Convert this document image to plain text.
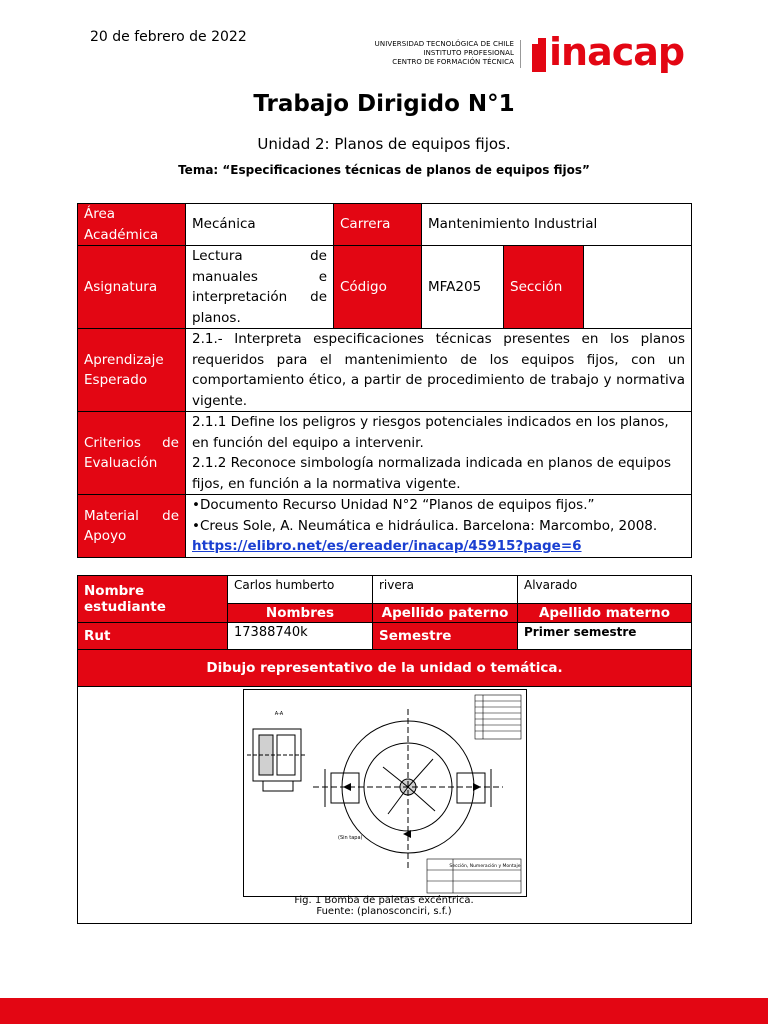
20 de febrero de 2022	UNIVERSIDAD TECNOLÓGICA DE CHILE
INSTITUTO PROFESIONAL
CENTRO DE FORMACIÓN TÉCNICA inacap
Trabajo Dirigido N°1
Unidad 2: Planos de equipos fijos.
Tema: “Especificaciones técnicas de planos de equipos fijos”
Área Académica	Mecánica	Carrera	Mantenimiento Industrial		
Asignatura	Lectura de manuales e interpretación de planos.	Código	MFA205	Sección	
Aprendizaje Esperado	2.1.- Interpreta especificaciones técnicas presentes en los planos requeridos para el mantenimiento de los equipos fijos, con un comportamiento ético, a partir de procedimiento de trabajo y normativa vigente.				
Criterios de Evaluación	2.1.1 Define los peligros y riesgos potenciales indicados en los planos, en función del equipo a intervenir.
2.1.2 Reconoce simbología normalizada indicada en planos de equipos fijos, en función a la normativa vigente.				

Material de Apoyo	•Documento Recurso Unidad N°2 “Planos de equipos fijos.”
•Creus Sole, A. Neumática e hidráulica. Barcelona: Marcombo, 2008.
https://elibro.net/es/ereader/inacap/45915?page=6				
Nombre estudiante	Carlos humberto	rivera	Alvarado
	Nombres	Apellido paterno	Apellido materno
Rut	17388740k	Semestre	Primer semestre
Dibujo representativo de la unidad o temática.			

A-A
(Sin tapa)
Sección, Numeración y Montaje
Fig. 1 Bomba de paletas excéntrica.
Fuente: (planosconciri, s.f.)			
